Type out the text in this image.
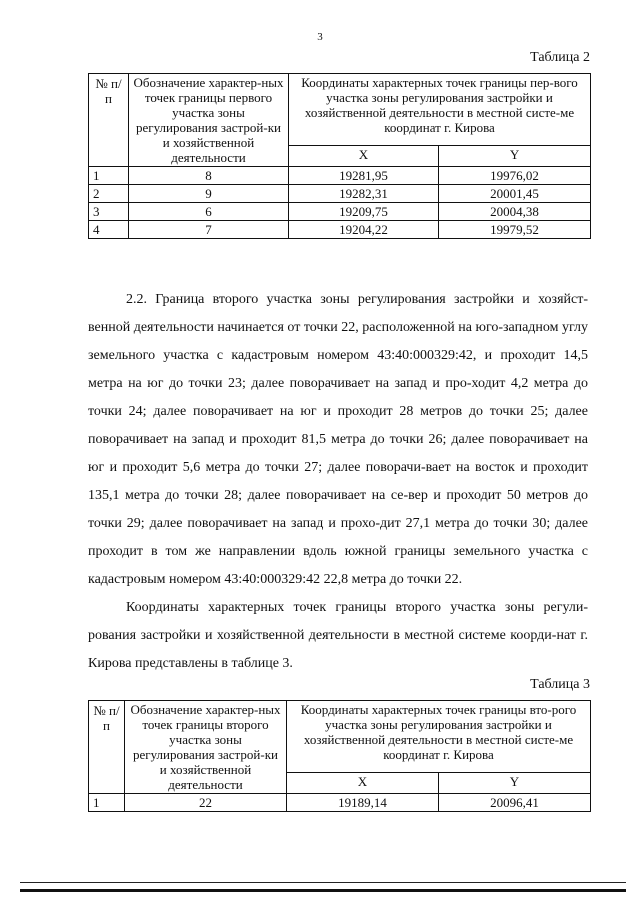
3
Таблица 2
№ п/п	Обозначение характер-ных точек границы первого участка зоны регулирования застрой-ки и хозяйственной деятельности	Координаты характерных точек границы пер-вого участка зоны регулирования застройки и хозяйственной деятельности в местной систе-ме координат г. Кирова	
		X	Y
1	8	19281,95	19976,02
2	9	19282,31	20001,45
3	6	19209,75	20004,38
4	7	19204,22	19979,52

2.2. Граница второго участка зоны регулирования застройки и хозяйст-венной деятельности начинается от точки 22, расположенной на юго-западном углу земельного участка с кадастровым номером 43:40:000329:42, и проходит 14,5 метра на юг до точки 23; далее поворачивает на запад и про-ходит 4,2 метра до точки 24; далее поворачивает на юг и проходит 28 метров до точки 25; далее поворачивает на запад и проходит 81,5 метра до точки 26; далее поворачивает на юг и проходит 5,6 метра до точки 27; далее поворачи-вает на восток и проходит 135,1 метра до точки 28; далее поворачивает на се-вер и проходит 50 метров до точки 29; далее поворачивает на запад и прохо-дит 27,1 метра до точки 30; далее проходит в том же направлении вдоль южной границы земельного участка с кадастровым номером 43:40:000329:42 22,8 метра до точки 22.

Координаты характерных точек границы второго участка зоны регули-рования застройки и хозяйственной деятельности в местной системе коорди-нат г. Кирова представлены в таблице 3.

Таблица 3
№ п/п	Обозначение характер-ных точек границы второго участка зоны регулирования застрой-ки и хозяйственной деятельности	Координаты характерных точек границы вто-рого участка зоны регулирования застройки и хозяйственной деятельности в местной систе-ме координат г. Кирова	
		X	Y
1	22	19189,14	20096,41
